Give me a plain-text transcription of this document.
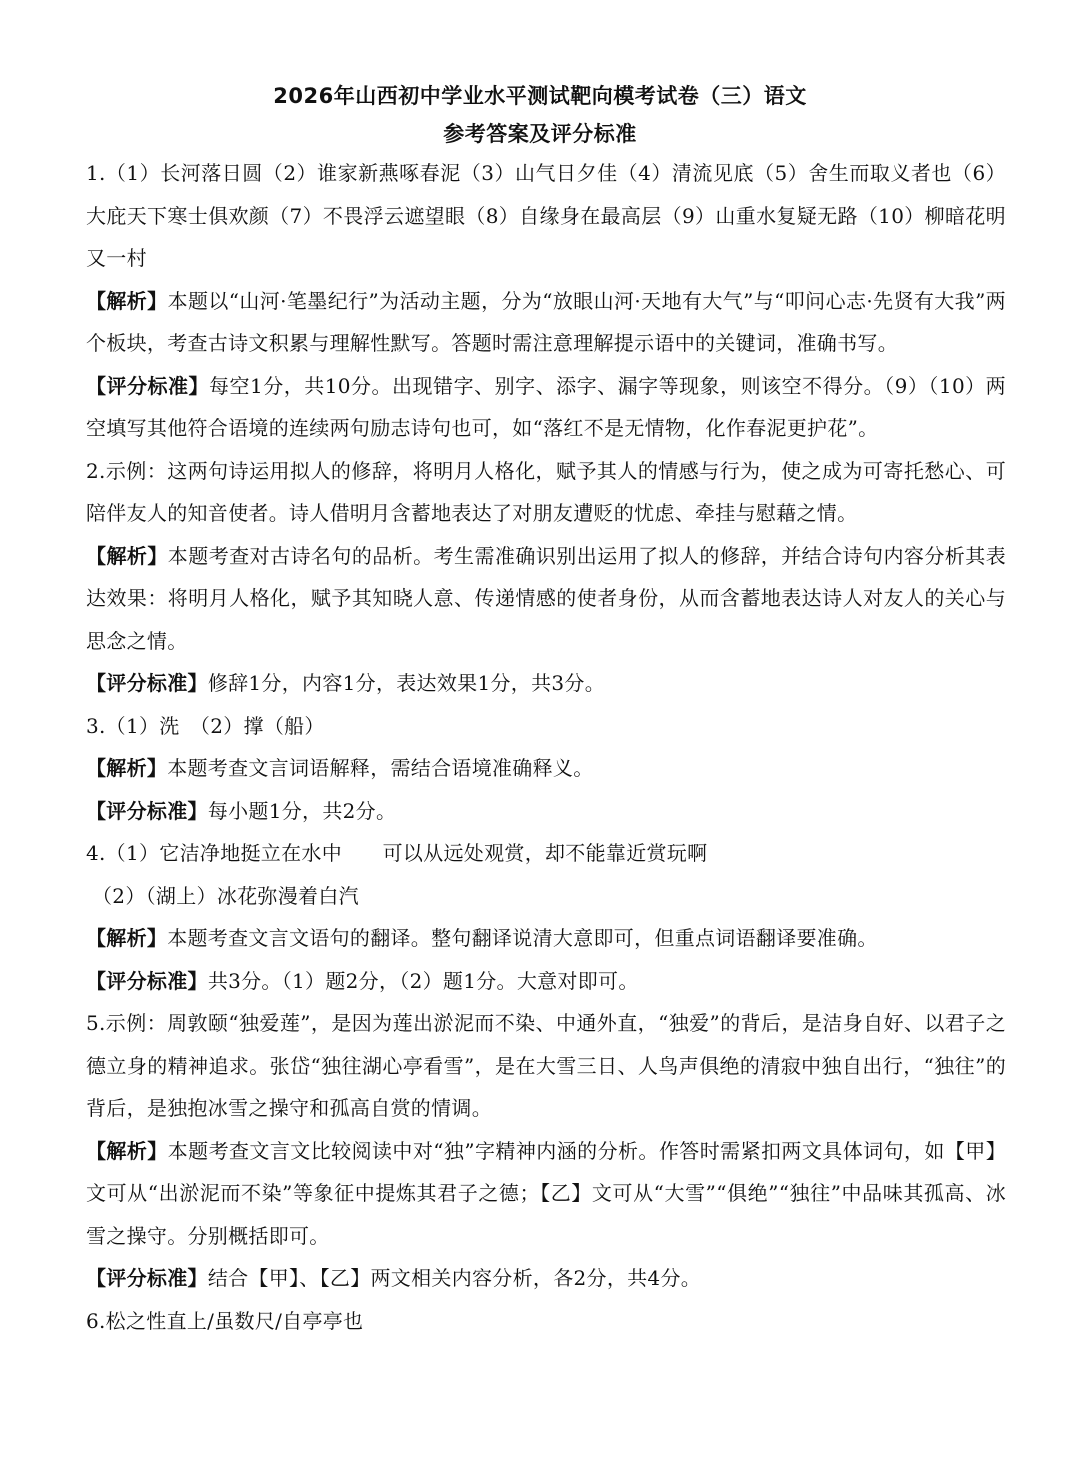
2026年山西初中学业水平测试靶向模考试卷（三）语文
参考答案及评分标准

1.（1）长河落日圆（2）谁家新燕啄春泥（3）山气日夕佳（4）清流见底（5）舍生而取义者也（6）大庇天下寒士俱欢颜（7）不畏浮云遮望眼（8）自缘身在最高层（9）山重水复疑无路（10）柳暗花明又一村

【解析】本题以“山河·笔墨纪行”为活动主题，分为“放眼山河·天地有大气”与“叩问心志·先贤有大我”两个板块，考查古诗文积累与理解性默写。答题时需注意理解提示语中的关键词，准确书写。

【评分标准】每空1分，共10分。出现错字、别字、添字、漏字等现象，则该空不得分。（9）（10）两空填写其他符合语境的连续两句励志诗句也可，如“落红不是无情物，化作春泥更护花”。

2.示例：这两句诗运用拟人的修辞，将明月人格化，赋予其人的情感与行为，使之成为可寄托愁心、可陪伴友人的知音使者。诗人借明月含蓄地表达了对朋友遭贬的忧虑、牵挂与慰藉之情。

【解析】本题考查对古诗名句的品析。考生需准确识别出运用了拟人的修辞，并结合诗句内容分析其表达效果：将明月人格化，赋予其知晓人意、传递情感的使者身份，从而含蓄地表达诗人对友人的关心与思念之情。

【评分标准】修辞1分，内容1分，表达效果1分，共3分。

3.（1）洗　（2）撑（船）

【解析】本题考查文言词语解释，需结合语境准确释义。

【评分标准】每小题1分，共2分。

4.（1）它洁净地挺立在水中　　可以从远处观赏，却不能靠近赏玩啊

（2）（湖上）冰花弥漫着白汽

【解析】本题考查文言文语句的翻译。整句翻译说清大意即可，但重点词语翻译要准确。

【评分标准】共3分。（1）题2分，（2）题1分。大意对即可。

5.示例：周敦颐“独爱莲”，是因为莲出淤泥而不染、中通外直，“独爱”的背后，是洁身自好、以君子之德立身的精神追求。张岱“独往湖心亭看雪”，是在大雪三日、人鸟声俱绝的清寂中独自出行，“独往”的背后，是独抱冰雪之操守和孤高自赏的情调。

【解析】本题考查文言文比较阅读中对“独”字精神内涵的分析。作答时需紧扣两文具体词句，如【甲】文可从“出淤泥而不染”等象征中提炼其君子之德；【乙】文可从“大雪”“俱绝”“独往”中品味其孤高、冰雪之操守。分别概括即可。

【评分标准】结合【甲】、【乙】两文相关内容分析，各2分，共4分。

6.松之性直上/虽数尺/自亭亭也
